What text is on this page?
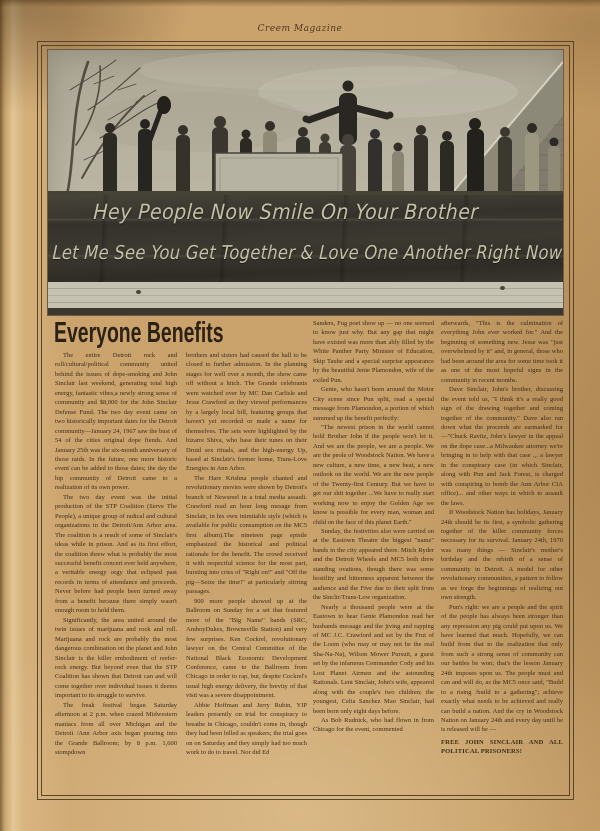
Creem Magazine
Hey People Now Smile On Your Brother
Let Me See You Get Together & Love One Another Right Now
Everyone Benefits

The entire Detroit rock and roll/cultural/political community united behind the issues of dope-smoking and John Sinclair last weekend, generating total high energy, fantastic vibes,a newly strong sense of community and $8,000 for the John Sinclair Defense Fund. The two day event came on two historically important dates for the Detroit community—January 24, 1967 saw the bust of 54 of the cities original dope fiends. And January 25th was the six-month anniversary of those raids. In the future, one more historic event can be added to those dates; the day the hip community of Detroit came to a realization of its own power.

The two day event was the initial production of the STP Coalition (Serve The People), a unique group of radical and cultural organizations in the Detroit/Ann Arbor area. The coalition is a result of some of Sinclair's ideas while in prison. And as its first effort, the coalition threw what is probably the most successful benefit concert ever held anywhere, a veritable energy orgy that eclipsed past records in terms of attendance and proceeds. Never before had people been turned away from a benefit because there simply wasn't enough room to hold them.

Significantly, the area united around the twin issues of marijuana and rock and roll. Marijuana and rock are probably the most dangerous combination on the planet and John Sinclair is the killer embodiment of reefer-rock energy. But beyond even that the STP Coalition has shown that Detroit can and will come together over individual issues it deems important to its struggle to survive.

The freak festival began Saturday afternoon at 2 p.m. when crazed Midwestern maniacs from all over Michigan and the Detroit /Ann Arbor axis began pouring into the Grande Ballroom; by 8 p.m. 1,600 stompdown

brothers and sisters had caused the hall to be closed to further admission. In the planning stages for well over a month, the show came off without a hitch. The Grande celebrants were watched over by MC Dan Carlisle and Jesse Crawford as they viewed performances by a largely local bill, featuring groups that haven't yet recorded or made a name for themselves. The sets were highlighted by the bizarre Shiva, who base their tunes on their Druid sex rituals, and the high-energy Up, based at Sinclair's former home, Trans-Love Energies in Ann Arbor.

The Hare Krishna people chanted and revolutionary movies were shown by Detroit's branch of Newsreel in a total media assault. Crawford read an hour long mesage from Sinclair, in his own inimitable style (which is available for public consumption on the MC5 first album).The nineteen page epistle emphasized the historical and political rationale for the benefit. The crowd received it with respectful science for the most part, bursting into cries of "Right on!" and "Off the pig—Seize the time!" at particularly stirring passages.

900 more people showed up at the Ballroom on Sunday for a set that featured more of the "Big Name" bands (SRC, AmboyDukes, Brownsville Station) and very few surprises. Ken Cockrel, revolutionary lawyer on the Central Committee of the National Black Economic Development Conference, came to the Ballroom from Chicago in order to rap, but, despite Cockrel's usual high energy delivery, the brevity of that visit was a severe disappointment.

Abbie Hoffman and Jerry Rubin, YIP leaders presently on trial for conspiracy to breathe in Chicago, couldn't come in, though they had been billed as speakers; the trial goes on on Saturday and they simply had too much work to do to travel. Nor did Ed

Sanders, Fug poet show up — no one seemed to know just why. But any gap that might have existed was more than ably filled by the White Panther Party Minister of Education, Skip Taube and a special surprise appearance by the beautiful Jenie Plamondon, wife of the exiled Pun.

Genie, who hasn't been around the Motor City scene since Pun split, read a special message from Plamondon, a portion of which summed up the benefit perfectly:

"The newest prison in the world cannot hold Brother John if the people won't let it. And we are the people, we are a people. We are the peole of Woodstock Nation. We have a new culture, a new time, a new beat, a new outlook on the world. We are the new people of the Twenty-first Century. But we have to get our shit together ...We have to really start working now to enjoy the Golden Age we know is possible for every man, woman and child on the face of this planet Earth."

Sunday, the festivities also were carried on at the Eastown Theatre the biggest "name" bands in the city appeared there. Mitch Ryder and the Detroit Wheels and MC5 both drew standing ovations, though there was some hostility and bitterness apparent between the audience and the Five due to their split from the Sinclir/Trans-Low organization.

Nearly a thousand people were at the Eastown to hear Genie Plamondon read her husbands message and the jiving and rapping of MC J.C. Crawford and set by the Frut of the Loom (who may or may not be the real Sha-Na-Na), Wilson Mower Pursuit, a guest set by the infamous Commander Cody and his Lost Planet Airmen and the astounding Rationals. Leni Sinclair, John's wife, appeared along with the couple's two children; the youngest, Celia Sanchez Mao Sinclair, had been born only eight days before.

As Bob Rudnick, who had flown in from Chicago for the event, commented

afterwards, "This is the culmination of everything John ever worked for." And the beginning of something new. Jesse was "just overwhelmed by it" and, in general, those who had been around the area for some time took it as one of the most hopeful signs in the community in recent months.

Dave Sinclair, John's brother, discussing the event told us, "I think it's a really good sign of the drawing together and coming together of the community." Dave also ran down what the proceeds are earmarked for—"Chuck Ravitz, John's lawyer in the appeal on the dope case...a Milwaukee attorney we're bringing in to help with that case .,. a lawyer in the conspiracy case (in which Sinclair, along with Pun and Jack Forest, is charged with conspiring to bomb the Ann Arbor CIA office)... and other ways in which to assault the laws.

If Woodstock Nation has holidays, January 24th should be its first, a symbolic gathering together of the killer community forces necessary for its survival. January 24th, 1970 was many things — Sinclair's mother's birthday and the rebirth of a sense of community in Detroit. A model for other revolutionary communities, a pattern to follow as we forge the beginnings of realizing out own strength.

Pun's right: we are a people and the spirit of the people has always been stronger than any repression any pig could put upon us. We have learned that much. Hopefully, we can build from that to the realization that only from such a strong sense of community can our battles be won; that's the lesson January 24th imposes upon us. The people must and can and will do, as the MC5 once said, "Budd to a rising /build to a gathering"; achieve exactly what needs to be achieved and really can build a nation. And the cry in Woodstock Nation on January 24th and every day until he is released will be —

FREE JOHN SINCLAIR AND ALL POLITICAL PRISONERS!
